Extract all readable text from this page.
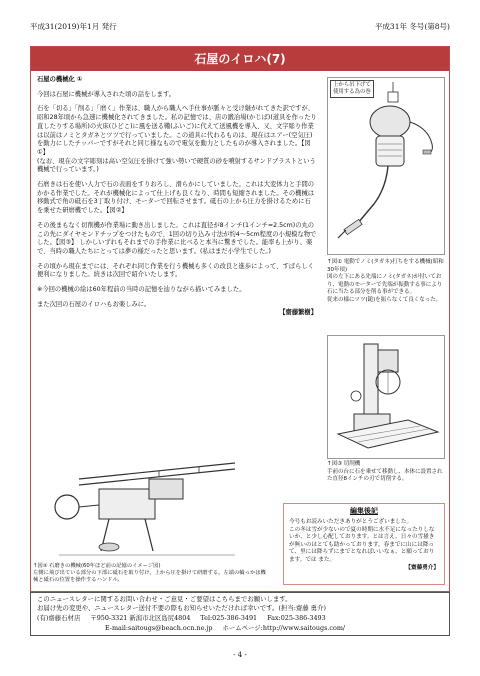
平成31(2019)年1月 発行	平成31年 冬号(第8号)
石屋のイロハ(7)

石屋の機械化 ①

今回は石屋に機械が導入された頃の話をします。

石を「切る」「削る」「磨く」作業は、職人から職人へ手仕事が脈々と受け継がれてきた訳ですが、昭和28年頃から急速に機械化されてきました。私の記憶では、店の鍛冶場(かじば)(道具を作ったり直したりする場所)の火床(ひどこ)に風を送る鞴(ふいご)に代えて送風機を導入、又、文字彫り作業は以前はノミとタガネとツツで行っていました。この道具に代わるものは、現在はエアー(空気圧)を動力にしたチッパーですがそれと同じ様なもので電気を動力としたものが導入されました。【図①】

(なお、現在の文字彫刻は高い空気圧を掛けて強い勢いで硬質の砂を噴射するサンドブラストという機械で行っています。)

石磨きは石を使い人力で石の表面をすりおろし、滑らかにしていました。これは大変体力と手間のかかる作業でした。それが機械化によって仕上げも良くなり、時間も短縮されました。その機械は移動式で角の砥石を3丁取り付け、モーターで回転させます。砥石の上から圧力を掛けるために石を乗せた研磨機でした。【図②】

その後まもなく切削機が作業場に動き出しました。これは直径が8インチ(1インチ=2.5cm)の丸のこの先にダイヤモンドチップをつけたもので、1回の切り込み寸法が約4〜5cm程度の小規模な物でした。【図③】 しかしいずれもそれまでの手作業に比べると本当に驚きでした。能率も上がり、楽で、当時の職人たちにとっては夢の様だったと思います。(私はまだ小学生でした。)

その頃から現在までには、それぞれ同じ作業を行う機械も多くの改良と進歩によって、すばらしく便利になりました。続きは次回で紹介いたします。

※今回の機械の絵は60年程前の当時の記憶を辿りながら描いてみました。

また次回の石屋のイロハもお楽しみに。

【齋藤繁樹】

上から吊下げて
使用する為の巻
↑図① 電動でノミ(タガネ)打ちをする機械(昭和30年頃)
図の左下にある先端にノミ(タガネ)が付いており、電動のモーターで先端が振動する事により石に当たる部分を削る事ができる。
従来の様にツツ(鎚)を振らなくて良くなった。
↑図③ 切削機
手前の台に石を乗せて移動し、本体に設置された直径8インチの刃で切削する。
↑図② 石磨きの機械(60年ほど前の記憶のイメージ図)
左側に飛び出ている部分の下部に砥石を取り付け、上から圧を掛けて研磨する。左端の輪っかは機械と砥石の位置を操作するハンドル。
編集後記
今号もお読みいただきありがとうございました。
この冬は雪が少ないので夏の時期に水不足になったりしないか、と少し心配しております。とは言え、日々の雪掻きが無いのはとても助かっております。春までに山には降って、里には降らずにまでとなればいいなぁ、と願っております。では また。
【齋藤勇介】
このニュースレターに関するお問い合わせ・ご意見・ご要望はこちらまでお願いします。
お届け先の変更や、ニュースレター送付不要の際もお知らせいただければ幸いです。(担当:齋藤 勇介)
(有)齋藤石材店 〒950-3321 新潟市北区島尻4804 Tel:025-386-3491 Fax:025-386-3493
E-mail:saitougs@beach.ocn.ne.jp ホームページ:http://www.saitougs.com/
- 4 -
